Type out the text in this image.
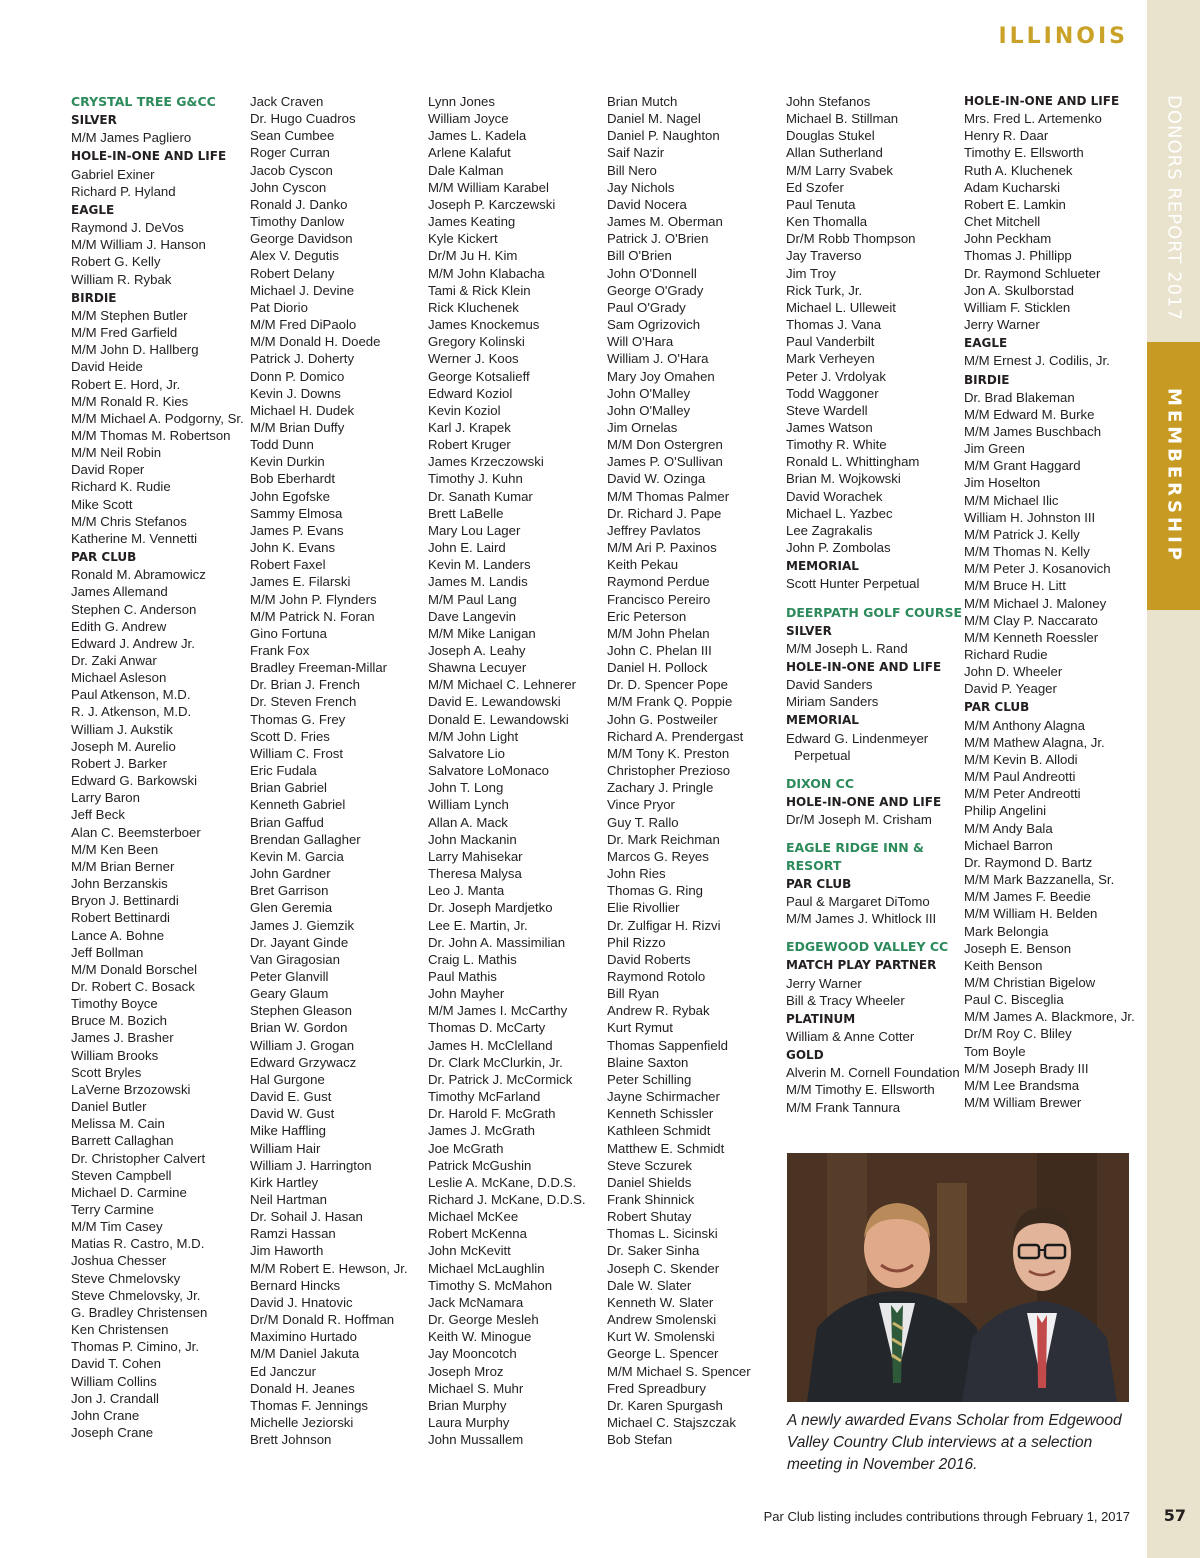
ILLINOIS
DONORS REPORT 2017
MEMBERSHIP
CRYSTAL TREE G&CC
SILVER
M/M James Pagliero
HOLE-IN-ONE AND LIFE
Gabriel Exiner
Richard P. Hyland
EAGLE
Raymond J. DeVos
M/M William J. Hanson
Robert G. Kelly
William R. Rybak
BIRDIE
M/M Stephen Butler
M/M Fred Garfield
M/M John D. Hallberg
David Heide
Robert E. Hord, Jr.
M/M Ronald R. Kies
M/M Michael A. Podgorny, Sr.
M/M Thomas M. Robertson
M/M Neil Robin
David Roper
Richard K. Rudie
Mike Scott
M/M Chris Stefanos
Katherine M. Vennetti
PAR CLUB
Ronald M. Abramowicz
James Allemand
Stephen C. Anderson
Edith G. Andrew
Edward J. Andrew Jr.
Dr. Zaki Anwar
Michael Asleson
Paul Atkenson, M.D.
R. J. Atkenson, M.D.
William J. Aukstik
Joseph M. Aurelio
Robert J. Barker
Edward G. Barkowski
Larry Baron
Jeff Beck
Alan C. Beemsterboer
M/M Ken Been
M/M Brian Berner
John Berzanskis
Bryon J. Bettinardi
Robert Bettinardi
Lance A. Bohne
Jeff Bollman
M/M Donald Borschel
Dr. Robert C. Bosack
Timothy Boyce
Bruce M. Bozich
James J. Brasher
William Brooks
Scott Bryles
LaVerne Brzozowski
Daniel Butler
Melissa M. Cain
Barrett Callaghan
Dr. Christopher Calvert
Steven Campbell
Michael D. Carmine
Terry Carmine
M/M Tim Casey
Matias R. Castro, M.D.
Joshua Chesser
Steve Chmelovsky
Steve Chmelovsky, Jr.
G. Bradley Christensen
Ken Christensen
Thomas P. Cimino, Jr.
David T. Cohen
William Collins
Jon J. Crandall
John Crane
Joseph Crane
Jack Craven
Dr. Hugo Cuadros
Sean Cumbee
Roger Curran
Jacob Cyscon
John Cyscon
Ronald J. Danko
Timothy Danlow
George Davidson
Alex V. Degutis
Robert Delany
Michael J. Devine
Pat Diorio
M/M Fred DiPaolo
M/M Donald H. Doede
Patrick J. Doherty
Donn P. Domico
Kevin J. Downs
Michael H. Dudek
M/M Brian Duffy
Todd Dunn
Kevin Durkin
Bob Eberhardt
John Egofske
Sammy Elmosa
James P. Evans
John K. Evans
Robert Faxel
James E. Filarski
M/M John P. Flynders
M/M Patrick N. Foran
Gino Fortuna
Frank Fox
Bradley Freeman-Millar
Dr. Brian J. French
Dr. Steven French
Thomas G. Frey
Scott D. Fries
William C. Frost
Eric Fudala
Brian Gabriel
Kenneth Gabriel
Brian Gaffud
Brendan Gallagher
Kevin M. Garcia
John Gardner
Bret Garrison
Glen Geremia
James J. Giemzik
Dr. Jayant Ginde
Van Giragosian
Peter Glanvill
Geary Glaum
Stephen Gleason
Brian W. Gordon
William J. Grogan
Edward Grzywacz
Hal Gurgone
David E. Gust
David W. Gust
Mike Haffling
William Hair
William J. Harrington
Kirk Hartley
Neil Hartman
Dr. Sohail J. Hasan
Ramzi Hassan
Jim Haworth
M/M Robert E. Hewson, Jr.
Bernard Hincks
David J. Hnatovic
Dr/M Donald R. Hoffman
Maximino Hurtado
M/M Daniel Jakuta
Ed Janczur
Donald H. Jeanes
Thomas F. Jennings
Michelle Jeziorski
Brett Johnson
Lynn Jones
William Joyce
James L. Kadela
Arlene Kalafut
Dale Kalman
M/M William Karabel
Joseph P. Karczewski
James Keating
Kyle Kickert
Dr/M Ju H. Kim
M/M John Klabacha
Tami & Rick Klein
Rick Kluchenek
James Knockemus
Gregory Kolinski
Werner J. Koos
George Kotsalieff
Edward Koziol
Kevin Koziol
Karl J. Krapek
Robert Kruger
James Krzeczowski
Timothy J. Kuhn
Dr. Sanath Kumar
Brett LaBelle
Mary Lou Lager
John E. Laird
Kevin M. Landers
James M. Landis
M/M Paul Lang
Dave Langevin
M/M Mike Lanigan
Joseph A. Leahy
Shawna Lecuyer
M/M Michael C. Lehnerer
David E. Lewandowski
Donald E. Lewandowski
M/M John Light
Salvatore Lio
Salvatore LoMonaco
John T. Long
William Lynch
Allan A. Mack
John Mackanin
Larry Mahisekar
Theresa Malysa
Leo J. Manta
Dr. Joseph Mardjetko
Lee E. Martin, Jr.
Dr. John A. Massimilian
Craig L. Mathis
Paul Mathis
John Mayher
M/M James I. McCarthy
Thomas D. McCarty
James H. McClelland
Dr. Clark McClurkin, Jr.
Dr. Patrick J. McCormick
Timothy McFarland
Dr. Harold F. McGrath
James J. McGrath
Joe McGrath
Patrick McGushin
Leslie A. McKane, D.D.S.
Richard J. McKane, D.D.S.
Michael McKee
Robert McKenna
John McKevitt
Michael McLaughlin
Timothy S. McMahon
Jack McNamara
Dr. George Mesleh
Keith W. Minogue
Jay Mooncotch
Joseph Mroz
Michael S. Muhr
Brian Murphy
Laura Murphy
John Mussallem
Brian Mutch
Daniel M. Nagel
Daniel P. Naughton
Saif Nazir
Bill Nero
Jay Nichols
David Nocera
James M. Oberman
Patrick J. O'Brien
Bill O'Brien
John O'Donnell
George O'Grady
Paul O'Grady
Sam Ogrizovich
Will O'Hara
William J. O'Hara
Mary Joy Omahen
John O'Malley
John O'Malley
Jim Ornelas
M/M Don Ostergren
James P. O'Sullivan
David W. Ozinga
M/M Thomas Palmer
Dr. Richard J. Pape
Jeffrey Pavlatos
M/M Ari P. Paxinos
Keith Pekau
Raymond Perdue
Francisco Pereiro
Eric Peterson
M/M John Phelan
John C. Phelan III
Daniel H. Pollock
Dr. D. Spencer Pope
M/M Frank Q. Poppie
John G. Postweiler
Richard A. Prendergast
M/M Tony K. Preston
Christopher Prezioso
Zachary J. Pringle
Vince Pryor
Guy T. Rallo
Dr. Mark Reichman
Marcos G. Reyes
John Ries
Thomas G. Ring
Elie Rivollier
Dr. Zulfigar H. Rizvi
Phil Rizzo
David Roberts
Raymond Rotolo
Bill Ryan
Andrew R. Rybak
Kurt Rymut
Thomas Sappenfield
Blaine Saxton
Peter Schilling
Jayne Schirmacher
Kenneth Schissler
Kathleen Schmidt
Matthew E. Schmidt
Steve Sczurek
Daniel Shields
Frank Shinnick
Robert Shutay
Thomas L. Sicinski
Dr. Saker Sinha
Joseph C. Skender
Dale W. Slater
Kenneth W. Slater
Andrew Smolenski
Kurt W. Smolenski
George L. Spencer
M/M Michael S. Spencer
Fred Spreadbury
Dr. Karen Spurgash
Michael C. Stajszczak
Bob Stefan
John Stefanos
Michael B. Stillman
Douglas Stukel
Allan Sutherland
M/M Larry Svabek
Ed Szofer
Paul Tenuta
Ken Thomalla
Dr/M Robb Thompson
Jay Traverso
Jim Troy
Rick Turk, Jr.
Michael L. Ulleweit
Thomas J. Vana
Paul Vanderbilt
Mark Verheyen
Peter J. Vrdolyak
Todd Waggoner
Steve Wardell
James Watson
Timothy R. White
Ronald L. Whittingham
Brian M. Wojkowski
David Worachek
Michael L. Yazbec
Lee Zagrakalis
John P. Zombolas
MEMORIAL
Scott Hunter Perpetual
DEERPATH GOLF COURSE
SILVER
M/M Joseph L. Rand
HOLE-IN-ONE AND LIFE
David Sanders
Miriam Sanders
MEMORIAL
Edward G. Lindenmeyer
Perpetual
DIXON CC
HOLE-IN-ONE AND LIFE
Dr/M Joseph M. Crisham
EAGLE RIDGE INN &
RESORT
PAR CLUB
Paul & Margaret DiTomo
M/M James J. Whitlock III
EDGEWOOD VALLEY CC
MATCH PLAY PARTNER
Jerry Warner
Bill & Tracy Wheeler
PLATINUM
William & Anne Cotter
GOLD
Alverin M. Cornell Foundation
M/M Timothy E. Ellsworth
M/M Frank Tannura
HOLE-IN-ONE AND LIFE
Mrs. Fred L. Artemenko
Henry R. Daar
Timothy E. Ellsworth
Ruth A. Kluchenek
Adam Kucharski
Robert E. Lamkin
Chet Mitchell
John Peckham
Thomas J. Phillipp
Dr. Raymond Schlueter
Jon A. Skulborstad
William F. Sticklen
Jerry Warner
EAGLE
M/M Ernest J. Codilis, Jr.
BIRDIE
Dr. Brad Blakeman
M/M Edward M. Burke
M/M James Buschbach
Jim Green
M/M Grant Haggard
Jim Hoselton
M/M Michael Ilic
William H. Johnston III
M/M Patrick J. Kelly
M/M Thomas N. Kelly
M/M Peter J. Kosanovich
M/M Bruce H. Litt
M/M Michael J. Maloney
M/M Clay P. Naccarato
M/M Kenneth Roessler
Richard Rudie
John D. Wheeler
David P. Yeager
PAR CLUB
M/M Anthony Alagna
M/M Mathew Alagna, Jr.
M/M Kevin B. Allodi
M/M Paul Andreotti
M/M Peter Andreotti
Philip Angelini
M/M Andy Bala
Michael Barron
Dr. Raymond D. Bartz
M/M Mark Bazzanella, Sr.
M/M James F. Beedie
M/M William H. Belden
Mark Belongia
Joseph E. Benson
Keith Benson
M/M Christian Bigelow
Paul C. Bisceglia
M/M James A. Blackmore, Jr.
Dr/M Roy C. Bliley
Tom Boyle
M/M Joseph Brady III
M/M Lee Brandsma
M/M William Brewer
A newly awarded Evans Scholar from Edgewood Valley Country Club interviews at a selection meeting in November 2016.
Par Club listing includes contributions through February 1, 2017 57
